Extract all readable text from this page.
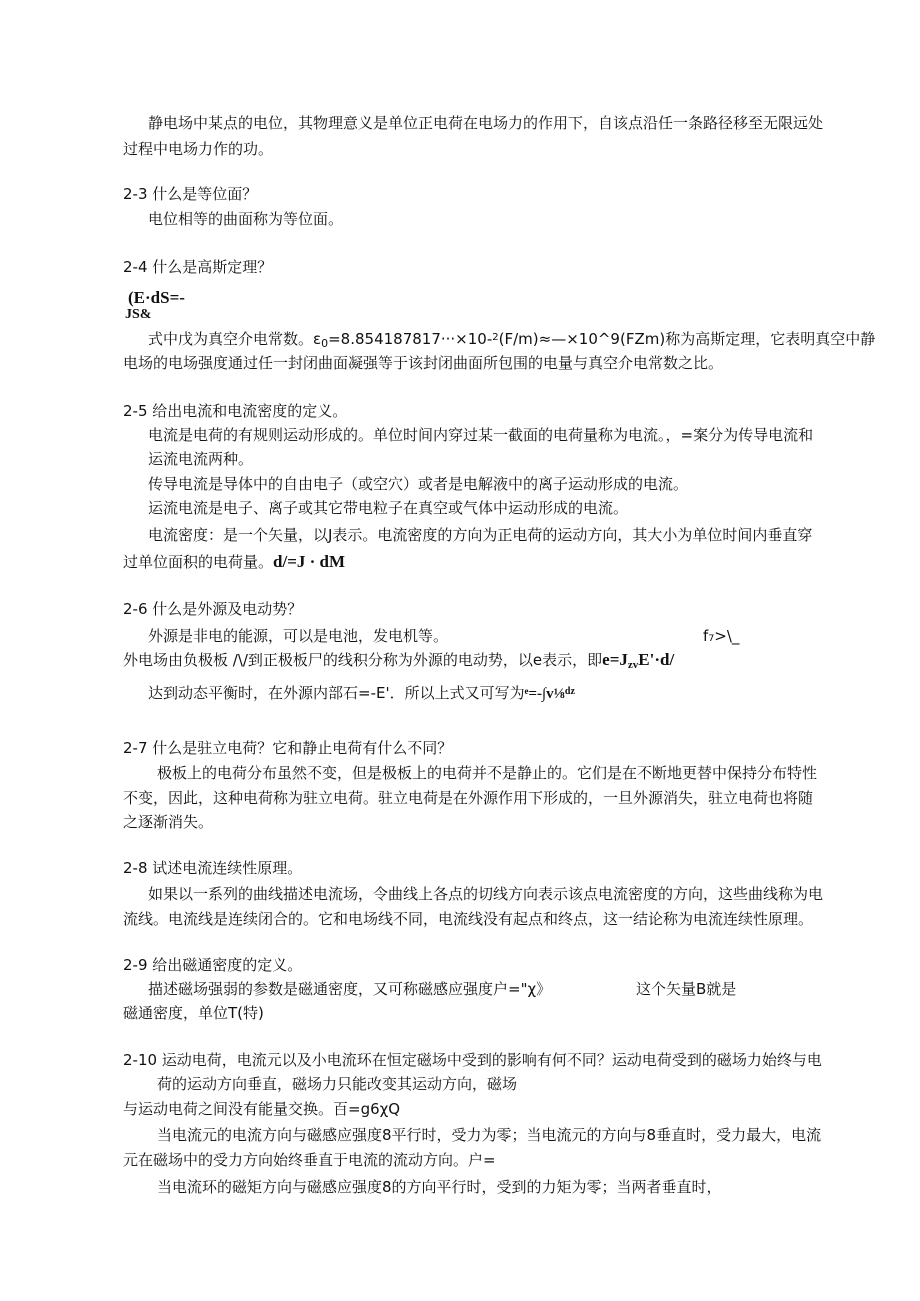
静电场中某点的电位，其物理意义是单位正电荷在电场力的作用下，自该点沿任一条路径移至无限远处
过程中电场力作的功。
2-3 什么是等位面？
电位相等的曲面称为等位面。
2-4 什么是高斯定理？
(E·dS=-
JS&
式中戊为真空介电常数。$\varepsilon_0=8.854187817\cdot\cdot\cdot\times 10-^2(F/m)\approx—\times 10\^{}9(FZm)$称为高斯定理，它表明真空中静
电场的电场强度通过任一封闭曲面凝强等于该封闭曲面所包围的电量与真空介电常数之比。
2-5 给出电流和电流密度的定义。
电流是电荷的有规则运动形成的。单位时间内穿过某一截面的电荷量称为电流。，=案分为传导电流和
运流电流两种。
传导电流是导体中的自由电子（或空穴）或者是电解液中的离子运动形成的电流。
运流电流是电子、离子或其它带电粒子在真空或气体中运动形成的电流。
电流密度：是一个矢量，以J表示。电流密度的方向为正电荷的运动方向，其大小为单位时间内垂直穿
过单位面积的电荷量。d/=J · dM
2-6 什么是外源及电动势？
外源是非电的能源，可以是电池，发电机等。	f₇>\_
外电场由负极板 /\/到正极板尸的线积分称为外源的电动势，以e表示，即$e=J_{zv}E'\cdot d/$
达到动态平衡时，在外源内部石=-E'．所以上式又可写为ᵉ=-∫v⅛$^{dz}$
2-7 什么是驻立电荷？它和静止电荷有什么不同？
极板上的电荷分布虽然不变，但是极板上的电荷并不是静止的。它们是在不断地更替中保持分布特性
不变，因此，这种电荷称为驻立电荷。驻立电荷是在外源作用下形成的，一旦外源消失，驻立电荷也将随
之逐渐消失。
2-8 试述电流连续性原理。
如果以一系列的曲线描述电流场，令曲线上各点的切线方向表示该点电流密度的方向，这些曲线称为电
流线。电流线是连续闭合的。它和电场线不同，电流线没有起点和终点，这一结论称为电流连续性原理。
2-9 给出磁通密度的定义。
描述磁场强弱的参数是磁通密度，又可称磁感应强度户="χ》	这个矢量B就是
磁通密度，单位T(特)
2-10 运动电荷，电流元以及小电流环在恒定磁场中受到的影响有何不同？运动电荷受到的磁场力始终与电
荷的运动方向垂直，磁场力只能改变其运动方向，磁场
与运动电荷之间没有能量交换。百=g6χQ
当电流元的电流方向与磁感应强度8平行时，受力为零；当电流元的方向与8垂直时，受力最大，电流
元在磁场中的受力方向始终垂直于电流的流动方向。户=
当电流环的磁矩方向与磁感应强度8的方向平行时，受到的力矩为零；当两者垂直时，
